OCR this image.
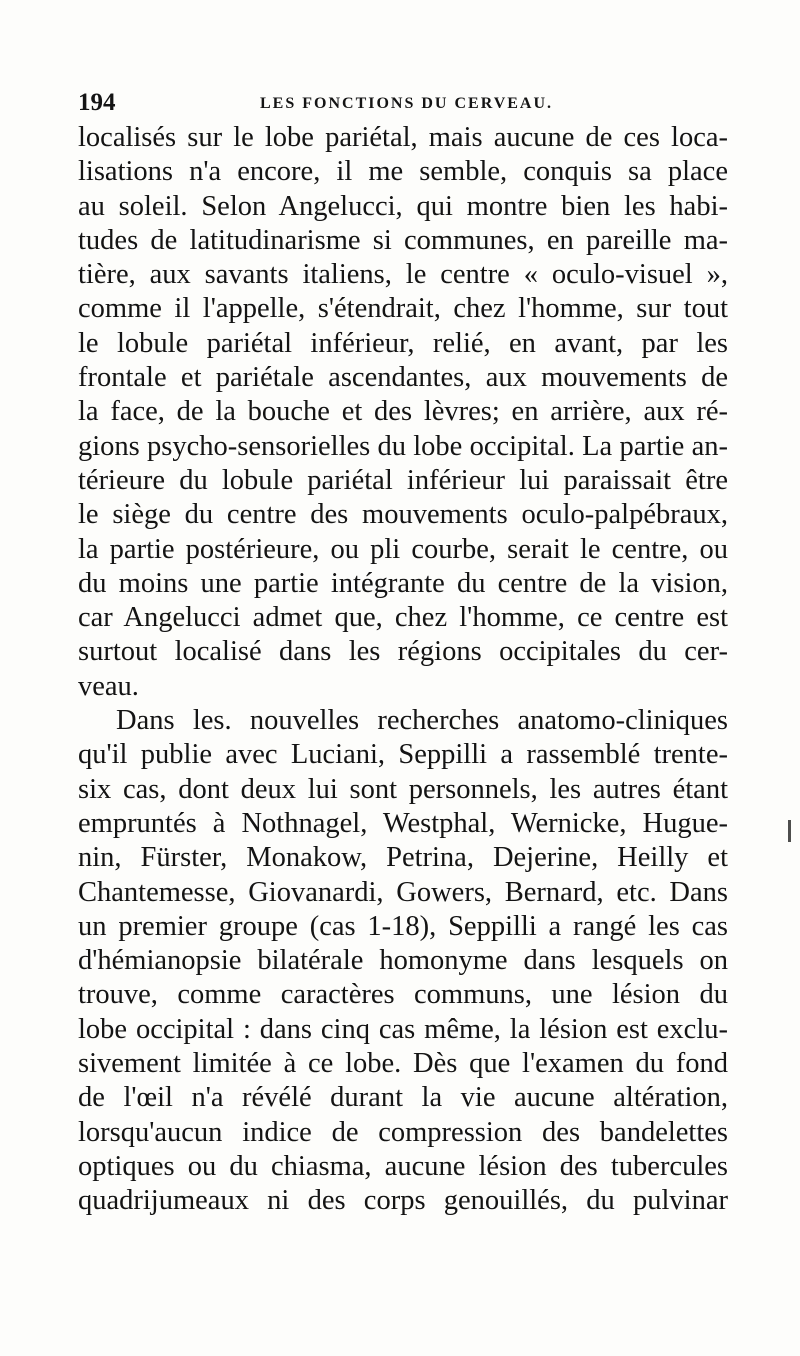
194	LES FONCTIONS DU CERVEAU.
localisés sur le lobe pariétal, mais aucune de ces loca-
lisations n'a encore, il me semble, conquis sa place
au soleil. Selon Angelucci, qui montre bien les habi-
tudes de latitudinarisme si communes, en pareille ma-
tière, aux savants italiens, le centre « oculo-visuel »,
comme il l'appelle, s'étendrait, chez l'homme, sur tout
le lobule pariétal inférieur, relié, en avant, par les
frontale et pariétale ascendantes, aux mouvements de
la face, de la bouche et des lèvres; en arrière, aux ré-
gions psycho-sensorielles du lobe occipital. La partie an-
térieure du lobule pariétal inférieur lui paraissait être
le siège du centre des mouvements oculo-palpébraux,
la partie postérieure, ou pli courbe, serait le centre, ou
du moins une partie intégrante du centre de la vision,
car Angelucci admet que, chez l'homme, ce centre est
surtout localisé dans les régions occipitales du cer-
veau.
Dans les. nouvelles recherches anatomo-cliniques
qu'il publie avec Luciani, Seppilli a rassemblé trente-
six cas, dont deux lui sont personnels, les autres étant
empruntés à Nothnagel, Westphal, Wernicke, Hugue-
nin, Fürster, Monakow, Petrina, Dejerine, Heilly et
Chantemesse, Giovanardi, Gowers, Bernard, etc. Dans
un premier groupe (cas 1-18), Seppilli a rangé les cas
d'hémianopsie bilatérale homonyme dans lesquels on
trouve, comme caractères communs, une lésion du
lobe occipital : dans cinq cas même, la lésion est exclu-
sivement limitée à ce lobe. Dès que l'examen du fond
de l'œil n'a révélé durant la vie aucune altération,
lorsqu'aucun indice de compression des bandelettes
optiques ou du chiasma, aucune lésion des tubercules
quadrijumeaux ni des corps genouillés, du pulvinar
